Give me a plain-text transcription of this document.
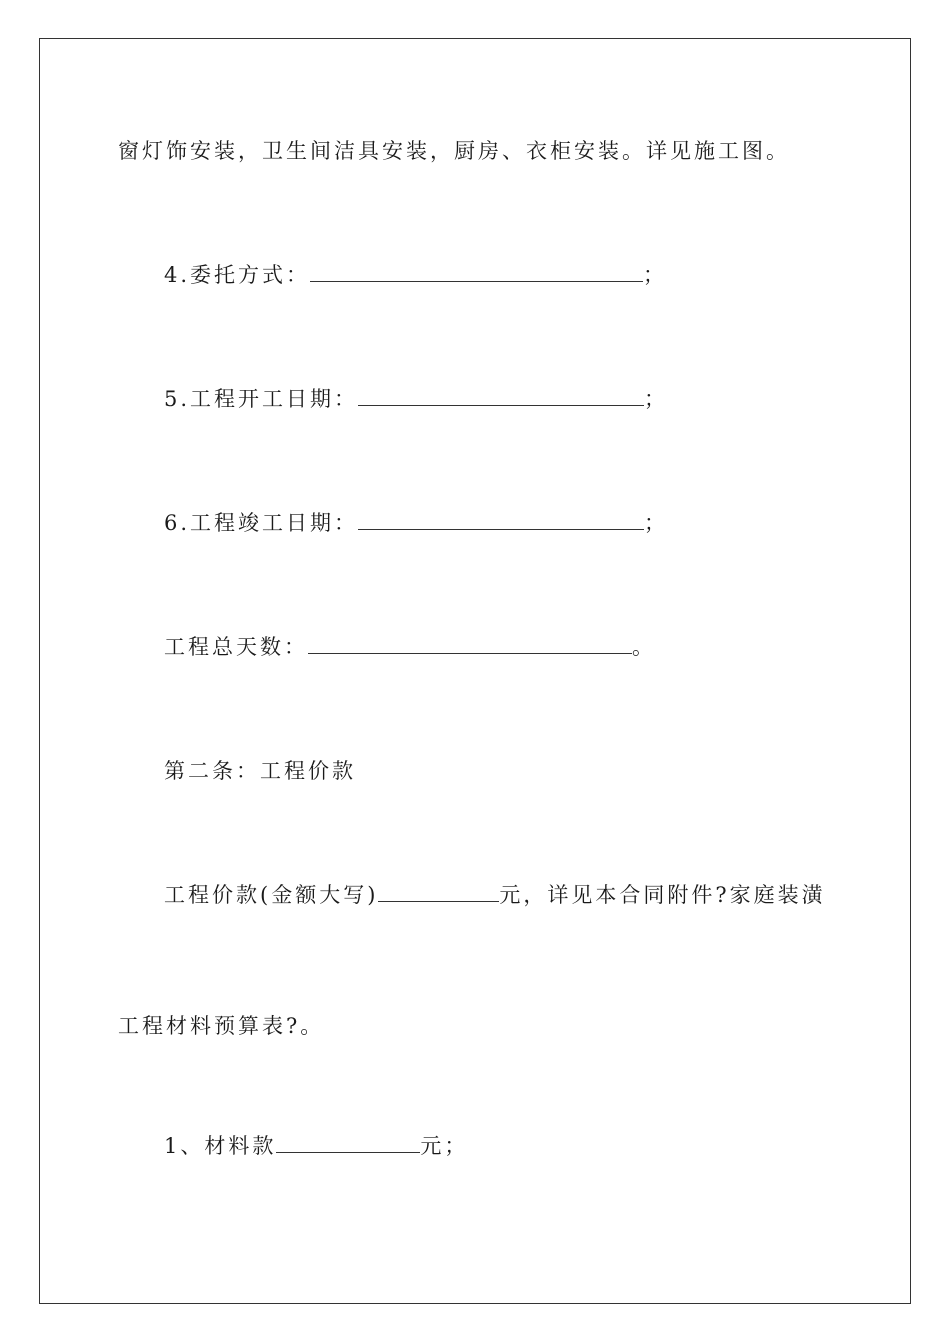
窗灯饰安装，卫生间洁具安装，厨房、衣柜安装。详见施工图。
4.委托方式：	；
5.工程开工日期：	；
6.工程竣工日期：	；
工程总天数：	。
第二条：工程价款
工程价款(金额大写)	元，详见本合同附件?家庭装潢
工程材料预算表?。
1、材料款	元；
